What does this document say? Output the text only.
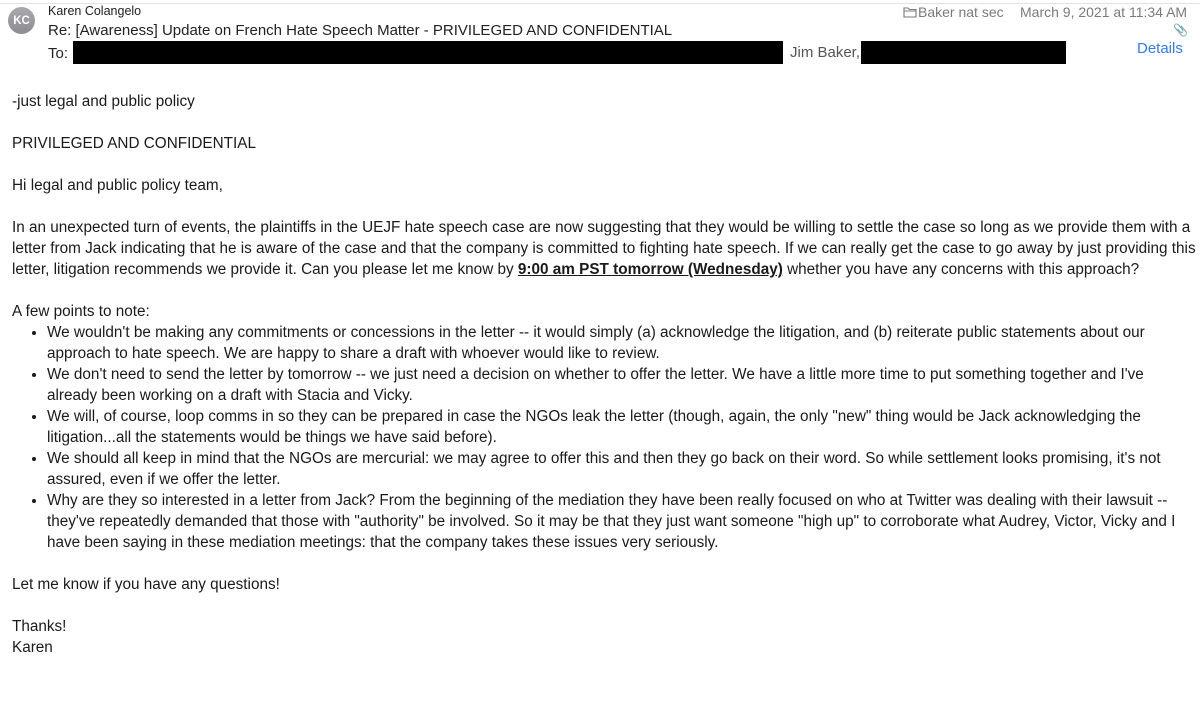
KC
Karen Colangelo
Re: [Awareness] Update on French Hate Speech Matter - PRIVILEGED AND CONFIDENTIAL
To:	Jim Baker,
Baker nat sec March 9, 2021 at 11:34 AM
📎
Details

-just legal and public policy

PRIVILEGED AND CONFIDENTIAL

Hi legal and public policy team,

In an unexpected turn of events, the plaintiffs in the UEJF hate speech case are now suggesting that they would be willing to settle the case so long as we provide them with a letter from Jack indicating that he is aware of the case and that the company is committed to fighting hate speech. If we can really get the case to go away by just providing this letter, litigation recommends we provide it. Can you please let me know by 9:00 am PST tomorrow (Wednesday) whether you have any concerns with this approach?

A few points to note:

• We wouldn't be making any commitments or concessions in the letter -- it would simply (a) acknowledge the litigation, and (b) reiterate public statements about our approach to hate speech. We are happy to share a draft with whoever would like to review.
• We don't need to send the letter by tomorrow -- we just need a decision on whether to offer the letter. We have a little more time to put something together and I've already been working on a draft with Stacia and Vicky.
• We will, of course, loop comms in so they can be prepared in case the NGOs leak the letter (though, again, the only "new" thing would be Jack acknowledging the litigation...all the statements would be things we have said before).
• We should all keep in mind that the NGOs are mercurial: we may agree to offer this and then they go back on their word. So while settlement looks promising, it's not assured, even if we offer the letter.
• Why are they so interested in a letter from Jack? From the beginning of the mediation they have been really focused on who at Twitter was dealing with their lawsuit -- they've repeatedly demanded that those with "authority" be involved. So it may be that they just want someone "high up" to corroborate what Audrey, Victor, Vicky and I have been saying in these mediation meetings: that the company takes these issues very seriously.

Let me know if you have any questions!

Thanks!

Karen
